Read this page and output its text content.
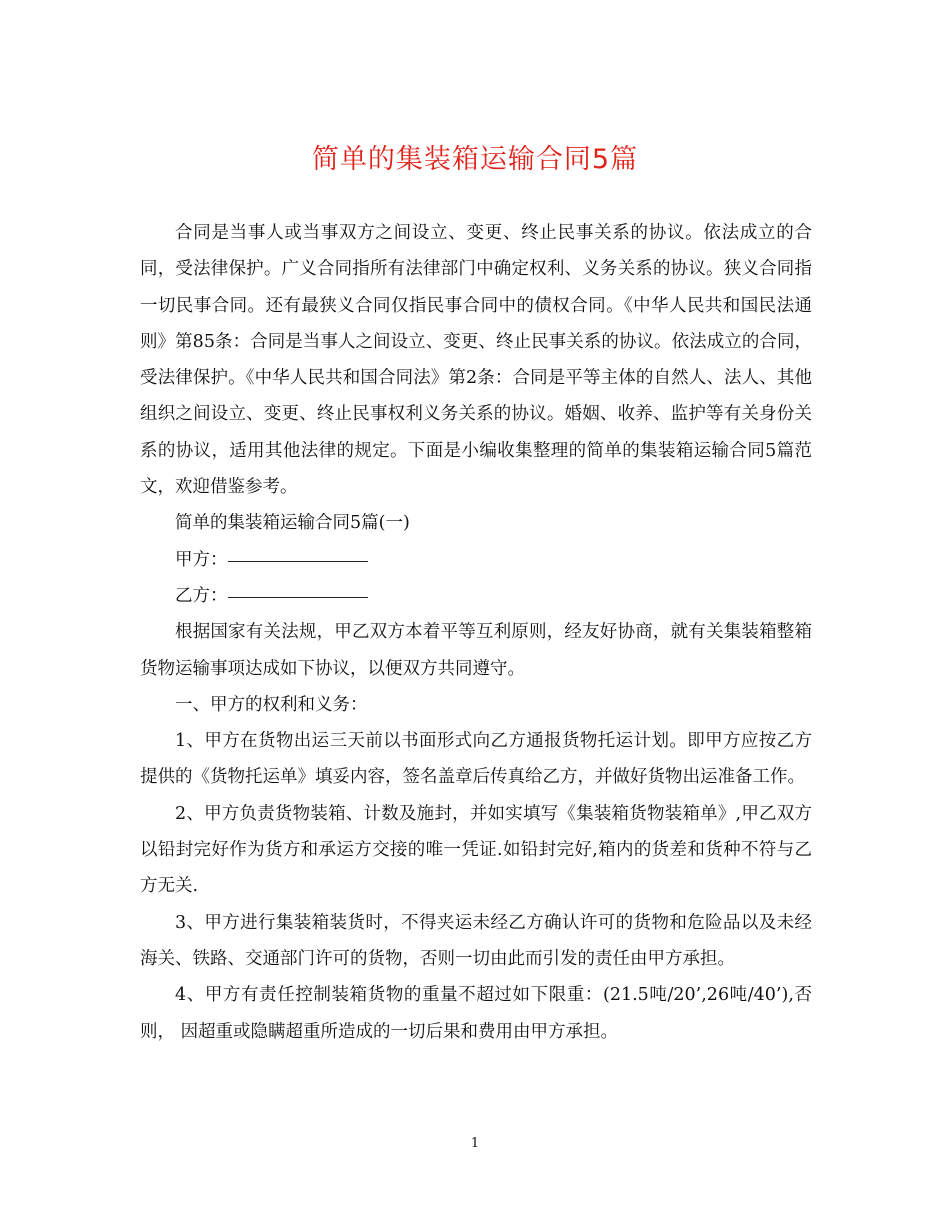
简单的集装箱运输合同5篇

合同是当事人或当事双方之间设立、变更、终止民事关系的协议。依法成立的合同，受法律保护。广义合同指所有法律部门中确定权利、义务关系的协议。狭义合同指一切民事合同。还有最狭义合同仅指民事合同中的债权合同。《中华人民共和国民法通则》第85条：合同是当事人之间设立、变更、终止民事关系的协议。依法成立的合同，受法律保护。《中华人民共和国合同法》第2条：合同是平等主体的自然人、法人、其他组织之间设立、变更、终止民事权利义务关系的协议。婚姻、收养、监护等有关身份关系的协议，适用其他法律的规定。下面是小编收集整理的简单的集装箱运输合同5篇范文，欢迎借鉴参考。

简单的集装箱运输合同5篇(一)

甲方：

乙方：

根据国家有关法规，甲乙双方本着平等互利原则，经友好协商，就有关集装箱整箱货物运输事项达成如下协议，以便双方共同遵守。

一、甲方的权利和义务：

1、甲方在货物出运三天前以书面形式向乙方通报货物托运计划。即甲方应按乙方提供的《货物托运单》填妥内容，签名盖章后传真给乙方，并做好货物出运准备工作。

2、甲方负责货物装箱、计数及施封，并如实填写《集装箱货物装箱单》,甲乙双方以铅封完好作为货方和承运方交接的唯一凭证.如铅封完好,箱内的货差和货种不符与乙方无关.

3、甲方进行集装箱装货时，不得夹运未经乙方确认许可的货物和危险品以及未经海关、铁路、交通部门许可的货物，否则一切由此而引发的责任由甲方承担。

4、甲方有责任控制装箱货物的重量不超过如下限重：(21.5吨/20’,26吨/40’),否则， 因超重或隐瞒超重所造成的一切后果和费用由甲方承担。

1
